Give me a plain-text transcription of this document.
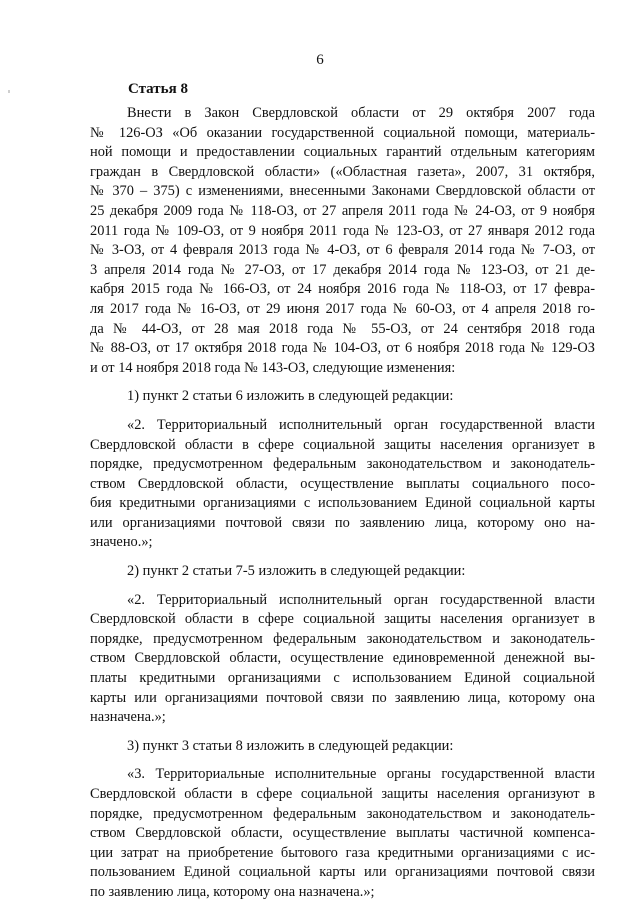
6
Статья 8
Внести в Закон Свердловской области от 29 октября 2007 года
№ 126-ОЗ «Об оказании государственной социальной помощи, материаль-
ной помощи и предоставлении социальных гарантий отдельным категориям
граждан в Свердловской области» («Областная газета», 2007, 31 октября,
№ 370 – 375) с изменениями, внесенными Законами Свердловской области от
25 декабря 2009 года № 118-ОЗ, от 27 апреля 2011 года № 24-ОЗ, от 9 ноября
2011 года № 109-ОЗ, от 9 ноября 2011 года № 123-ОЗ, от 27 января 2012 года
№ 3-ОЗ, от 4 февраля 2013 года № 4-ОЗ, от 6 февраля 2014 года № 7-ОЗ, от
3 апреля 2014 года № 27-ОЗ, от 17 декабря 2014 года № 123-ОЗ, от 21 де-
кабря 2015 года № 166-ОЗ, от 24 ноября 2016 года № 118-ОЗ, от 17 февра-
ля 2017 года № 16-ОЗ, от 29 июня 2017 года № 60-ОЗ, от 4 апреля 2018 го-
да № 44-ОЗ, от 28 мая 2018 года № 55-ОЗ, от 24 сентября 2018 года
№ 88-ОЗ, от 17 октября 2018 года № 104-ОЗ, от 6 ноября 2018 года № 129-ОЗ
и от 14 ноября 2018 года № 143-ОЗ, следующие изменения:
1) пункт 2 статьи 6 изложить в следующей редакции:
«2. Территориальный исполнительный орган государственной власти
Свердловской области в сфере социальной защиты населения организует в
порядке, предусмотренном федеральным законодательством и законодатель-
ством Свердловской области, осуществление выплаты социального посо-
бия кредитными организациями с использованием Единой социальной карты
или организациями почтовой связи по заявлению лица, которому оно на-
значено.»;
2) пункт 2 статьи 7-5 изложить в следующей редакции:
«2. Территориальный исполнительный орган государственной власти
Свердловской области в сфере социальной защиты населения организует в
порядке, предусмотренном федеральным законодательством и законодатель-
ством Свердловской области, осуществление единовременной денежной вы-
платы кредитными организациями с использованием Единой социальной
карты или организациями почтовой связи по заявлению лица, которому она
назначена.»;
3) пункт 3 статьи 8 изложить в следующей редакции:
«3. Территориальные исполнительные органы государственной власти
Свердловской области в сфере социальной защиты населения организуют в
порядке, предусмотренном федеральным законодательством и законодатель-
ством Свердловской области, осуществление выплаты частичной компенса-
ции затрат на приобретение бытового газа кредитными организациями с ис-
пользованием Единой социальной карты или организациями почтовой связи
по заявлению лица, которому она назначена.»;
